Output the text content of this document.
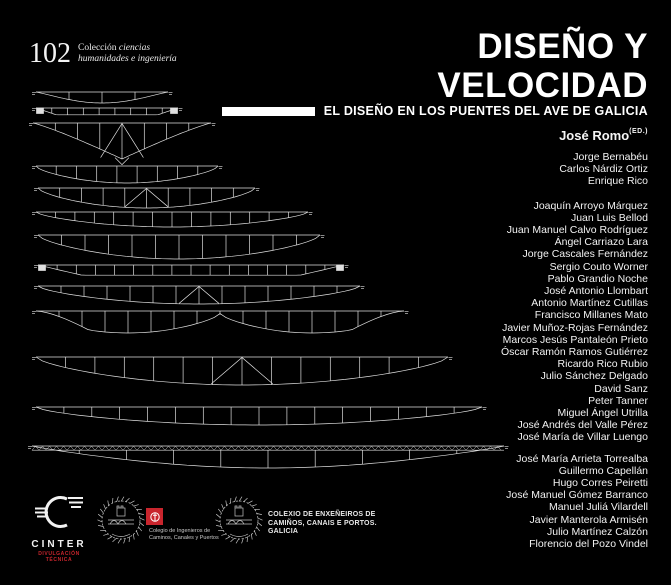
102 Colección ciencias
humanidades e ingeniería	DISEÑO Y
VELOCIDAD
EL DISEÑO EN LOS PUENTES DEL AVE DE GALICIA
José Romo$^{(ED.)}$
Jorge Bernabéu
Carlos Nárdiz Ortiz
Enrique Rico
Joaquín Arroyo Márquez
Juan Luis Bellod
Juan Manuel Calvo Rodríguez
Ángel Carriazo Lara
Jorge Cascales Fernández
Sergio Couto Worner
Pablo Grandio Noche
José Antonio Llombart
Antonio Martínez Cutillas
Francisco Millanes Mato
Javier Muñoz-Rojas Fernández
Marcos Jesús Pantaleón Prieto
Óscar Ramón Ramos Gutiérrez
Ricardo Rico Rubio
Julio Sánchez Delgado
David Sanz
Peter Tanner
Miguel Ángel Utrilla
José Andrés del Valle Pérez
José María de Villar Luengo
José María Arrieta Torrealba
Guillermo Capellán
Hugo Corres Peiretti
José Manuel Gómez Barranco
Manuel Juliá Vilardell
Javier Manterola Armisén
Julio Martínez Calzón
Florencio del Pozo Vindel
CINTER
DIVULGACIÓN TÉCNICA
Colegio de Ingenieros de
Caminos, Canales y Puertos
COLEXIO DE ENXEÑEIROS DE
CAMIÑOS, CANAIS E PORTOS.
GALICIA
